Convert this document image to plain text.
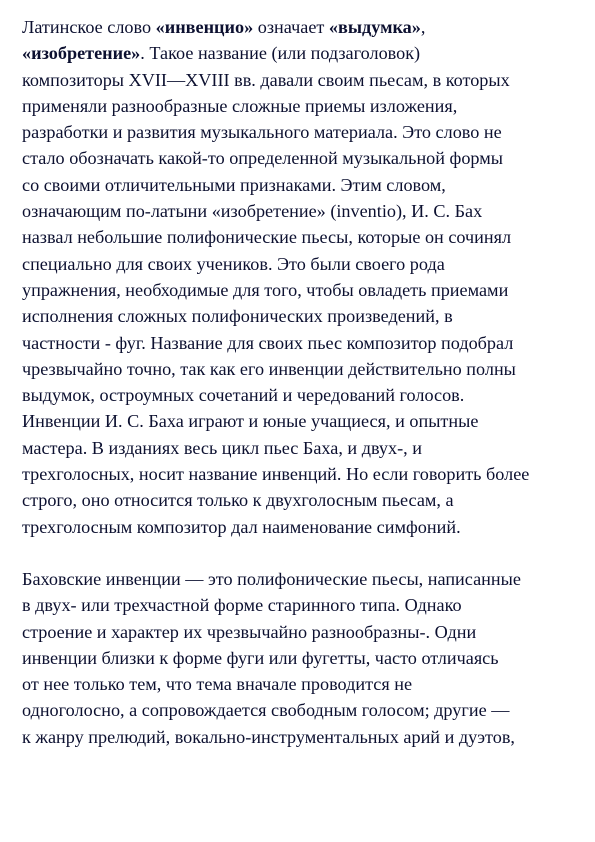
Латинское слово «инвенцио» означает «выдумка»,
«изобретение». Такое название (или подзаголовок)
композиторы XVII—XVIII вв. давали своим пьесам, в которых
применяли разнообразные сложные приемы изложения,
разработки и развития музыкального материала. Это слово не
стало обозначать какой-то определенной музыкальной формы
со своими отличительными признаками. Этим словом,
означающим по-латыни «изобретение» (inventio), И. С. Бах
назвал небольшие полифонические пьесы, которые он сочинял
специально для своих учеников. Это были своего рода
упражнения, необходимые для того, чтобы овладеть приемами
исполнения сложных полифонических произведений, в
частности - фуг. Название для своих пьес композитор подобрал
чрезвычайно точно, так как его инвенции действительно полны
выдумок, остроумных сочетаний и чередований голосов.
Инвенции И. С. Баха играют и юные учащиеся, и опытные
мастера. В изданиях весь цикл пьес Баха, и двух-, и
трехголосных, носит название инвенций. Но если говорить более
строго, оно относится только к двухголосным пьесам, а
трехголосным композитор дал наименование симфоний.
Баховские инвенции — это полифонические пьесы, написанные
в двух- или трехчастной форме старинного типа. Однако
строение и характер их чрезвычайно разнообразны-. Одни
инвенции близки к форме фуги или фугетты, часто отличаясь
от нее только тем, что тема вначале проводится не
одноголосно, а сопровождается свободным голосом; другие —
к жанру прелюдий, вокально-инструментальных арий и дуэтов,
